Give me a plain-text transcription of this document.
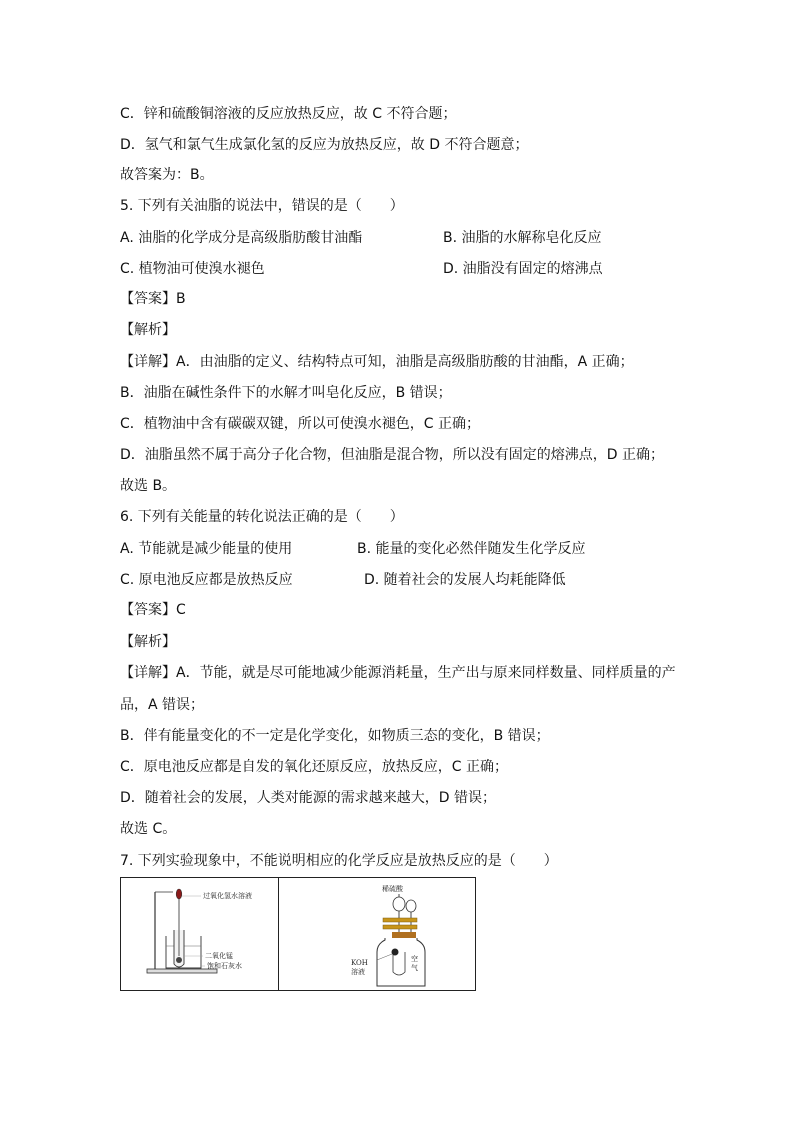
C．锌和硫酸铜溶液的反应放热反应，故 C 不符合题；
D．氢气和氯气生成氯化氢的反应为放热反应，故 D 不符合题意；
故答案为：B。
5. 下列有关油脂的说法中，错误的是（　　）
A. 油脂的化学成分是高级脂肪酸甘油酯	B. 油脂的水解称皂化反应
C. 植物油可使溴水褪色	D. 油脂没有固定的熔沸点
【答案】B
【解析】
【详解】A．由油脂的定义、结构特点可知，油脂是高级脂肪酸的甘油酯，A 正确；
B．油脂在碱性条件下的水解才叫皂化反应，B 错误；
C．植物油中含有碳碳双键，所以可使溴水褪色，C 正确；
D．油脂虽然不属于高分子化合物，但油脂是混合物，所以没有固定的熔沸点，D 正确；
故选 B。
6. 下列有关能量的转化说法正确的是（　　）
A. 节能就是减少能量的使用	B. 能量的变化必然伴随发生化学反应
C. 原电池反应都是放热反应	D. 随着社会的发展人均耗能降低
【答案】C
【解析】
【详解】A．节能，就是尽可能地减少能源消耗量，生产出与原来同样数量、同样质量的产
品，A 错误；
B．伴有能量变化的不一定是化学变化，如物质三态的变化，B 错误；
C．原电池反应都是自发的氧化还原反应，放热反应，C 正确；
D．随着社会的发展，人类对能源的需求越来越大，D 错误；
故选 C。
7. 下列实验现象中，不能说明相应的化学反应是放热反应的是（　　）
过氧化氢水溶液
二氧化锰
饱和石灰水
稀硫酸
KOH
溶液
空
气
